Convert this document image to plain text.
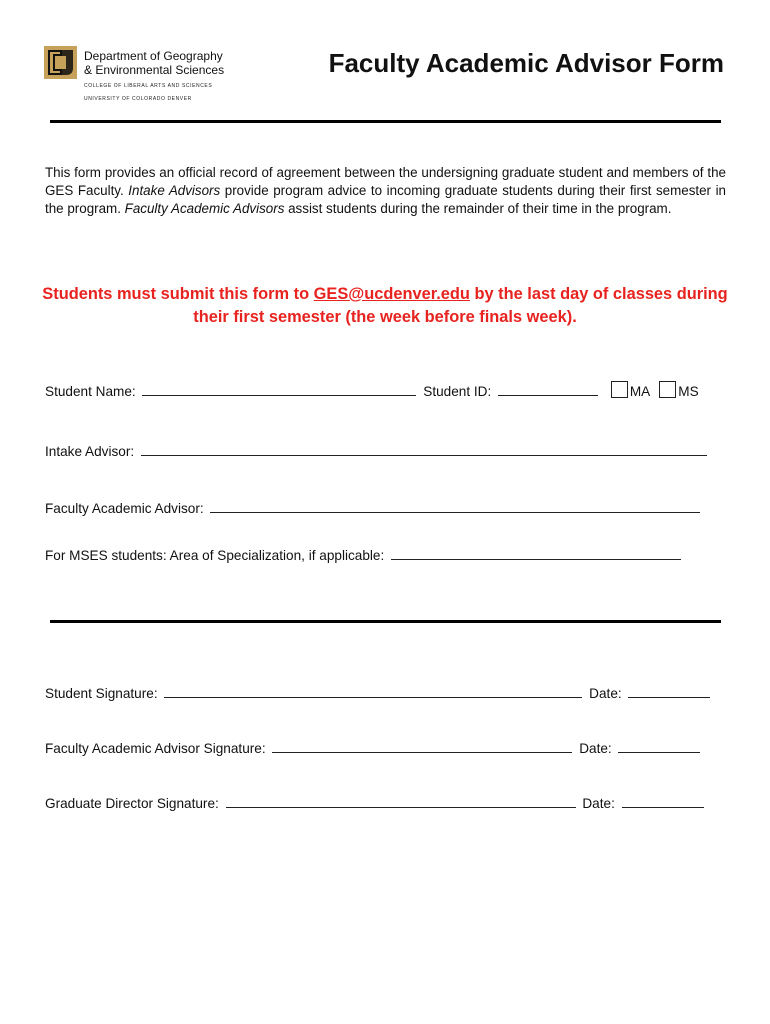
Department of Geography
& Environmental Sciences
COLLEGE OF LIBERAL ARTS AND SCIENCES
UNIVERSITY OF COLORADO DENVER
Faculty Academic Advisor Form
This form provides an official record of agreement between the undersigning graduate student and members of the GES Faculty. Intake Advisors provide program advice to incoming graduate students during their first semester in the program. Faculty Academic Advisors assist students during the remainder of their time in the program.
Students must submit this form to GES@ucdenver.edu by the last day of classes during their first semester (the week before finals week).
Student Name:	Student ID:	MA MS
Intake Advisor:
Faculty Academic Advisor:
For MSES students: Area of Specialization, if applicable:
Student Signature:	Date:
Faculty Academic Advisor Signature:	Date:
Graduate Director Signature:	Date:
